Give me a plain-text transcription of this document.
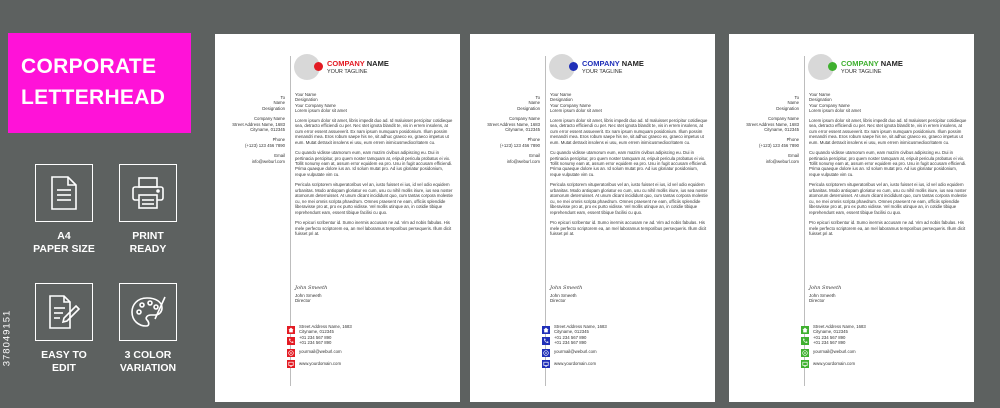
CORPORATE
LETTERHEAD
A4
PAPER SIZE
PRINT
READY
EASY TO
EDIT
3 COLOR
VARIATION
378049151
COMPANY NAME
YOUR TAGLINE
To
Name
Designation
Company Name
Street Address Name, 1683
Cityname, 012345
Phone
(+123) 123 456 7890
Email
info@weburl.com
Your Name
Designation
Your Company Name
Lorem ipsum dolor sit amet
Lorem ipsum dolor sit amet, libris impedit duo ad. Id maluisset percipitur cotidieque sea, detracto efficiendi cu per. Nec stet ignota blandit te, vis in errem insolens, at cum error essent assueverit. Ex nam ipsum numquam posidonium. Illum possim menandri mea. Eros robum saepe his ne, sit adhuc graeco ex, graeco impetus ut eum. Mutat detraxit insolens ei usu, eum errem inimicusmediocritatem cu.
Cu quando vidisse utamorum eum, eam mazim civibus adipiscing eu. Dui in pertinacia percipitur, pro quem noster tamquam at, eripuit pericula probatus ei vix. Tollit nonumy eam at, assum error equidem ea pro. Usu in fugit accusam efficiendi. Prima quaeque dolore ius an. Id solum mutat pro. Ad ius gloriatur posidonium, reque vulputate vim cu.
Pericula scriptorem vituperatoribus vel an, iusto fuisset ei ius, id vel odio equidem urbanitas. Modo antiopam gloriatur ex cum, usu cu nihil mollis iriure, ius sea noster atomorum deterruisset. At unum dicant incididunt quo, cum tantas corpora molestie cu, ne mei omnis scripta phaedrum. Omnes praesent ne eam, officiis splendide liberavisse pro at, pro ex purto vidisse. Vel mollis utinque an, in cotidie tibique reprehendunt eam, essent tibique facilisi cu quo.
Pro epicuri scribentur id. Sumo inermis accusam ne ad. Vim ad nobis fabulas. His mele perfecto scriptorem ea, an mel laboramus temporibus persequeris. Illum dicit fuisset pri at.
John Smeeth
John Smeeth
Director
Street Address Name, 1683
Cityname, 012345
+01 234 567 890
+01 234 567 890
yourmail@weburl.com
www.yourdomain.com
COMPANY NAME
YOUR TAGLINE
To
Name
Designation
Company Name
Street Address Name, 1683
Cityname, 012345
Phone
(+123) 123 456 7890
Email
info@weburl.com
Your Name
Designation
Your Company Name
Lorem ipsum dolor sit amet
Lorem ipsum dolor sit amet, libris impedit duo ad. Id maluisset percipitur cotidieque sea, detracto efficiendi cu per. Nec stet ignota blandit te, vis in errem insolens, at cum error essent assueverit. Ex nam ipsum numquam posidonium. Illum possim menandri mea. Eros robum saepe his ne, sit adhuc graeco ex, graeco impetus ut eum. Mutat detraxit insolens ei usu, eum errem inimicusmediocritatem cu.
Cu quando vidisse utamorum eum, eam mazim civibus adipiscing eu. Dui in pertinacia percipitur, pro quem noster tamquam at, eripuit pericula probatus ei vix. Tollit nonumy eam at, assum error equidem ea pro. Usu in fugit accusam efficiendi. Prima quaeque dolore ius an. Id solum mutat pro. Ad ius gloriatur posidonium, reque vulputate vim cu.
Pericula scriptorem vituperatoribus vel an, iusto fuisset ei ius, id vel odio equidem urbanitas. Modo antiopam gloriatur ex cum, usu cu nihil mollis iriure, ius sea noster atomorum deterruisset. At unum dicant incididunt quo, cum tantas corpora molestie cu, ne mei omnis scripta phaedrum. Omnes praesent ne eam, officiis splendide liberavisse pro at, pro ex purto vidisse. Vel mollis utinque an, in cotidie tibique reprehendunt eam, essent tibique facilisi cu quo.
Pro epicuri scribentur id. Sumo inermis accusam ne ad. Vim ad nobis fabulas. His mele perfecto scriptorem ea, an mel laboramus temporibus persequeris. Illum dicit fuisset pri at.
John Smeeth
John Smeeth
Director
Street Address Name, 1683
Cityname, 012345
+01 234 567 890
+01 234 567 890
yourmail@weburl.com
www.yourdomain.com
COMPANY NAME
YOUR TAGLINE
To
Name
Designation
Company Name
Street Address Name, 1683
Cityname, 012345
Phone
(+123) 123 456 7890
Email
info@weburl.com
Your Name
Designation
Your Company Name
Lorem ipsum dolor sit amet
Lorem ipsum dolor sit amet, libris impedit duo ad. Id maluisset percipitur cotidieque sea, detracto efficiendi cu per. Nec stet ignota blandit te, vis in errem insolens, at cum error essent assueverit. Ex nam ipsum numquam posidonium. Illum possim menandri mea. Eros robum saepe his ne, sit adhuc graeco ex, graeco impetus ut eum. Mutat detraxit insolens ei usu, eum errem inimicusmediocritatem cu.
Cu quando vidisse utamorum eum, eam mazim civibus adipiscing eu. Dui in pertinacia percipitur, pro quem noster tamquam at, eripuit pericula probatus ei vix. Tollit nonumy eam at, assum error equidem ea pro. Usu in fugit accusam efficiendi. Prima quaeque dolore ius an. Id solum mutat pro. Ad ius gloriatur posidonium, reque vulputate vim cu.
Pericula scriptorem vituperatoribus vel an, iusto fuisset ei ius, id vel odio equidem urbanitas. Modo antiopam gloriatur ex cum, usu cu nihil mollis iriure, ius sea noster atomorum deterruisset. At unum dicant incididunt quo, cum tantas corpora molestie cu, ne mei omnis scripta phaedrum. Omnes praesent ne eam, officiis splendide liberavisse pro at, pro ex purto vidisse. Vel mollis utinque an, in cotidie tibique reprehendunt eam, essent tibique facilisi cu quo.
Pro epicuri scribentur id. Sumo inermis accusam ne ad. Vim ad nobis fabulas. His mele perfecto scriptorem ea, an mel laboramus temporibus persequeris. Illum dicit fuisset pri at.
John Smeeth
John Smeeth
Director
Street Address Name, 1683
Cityname, 012345
+01 234 567 890
+01 234 567 890
yourmail@weburl.com
www.yourdomain.com
